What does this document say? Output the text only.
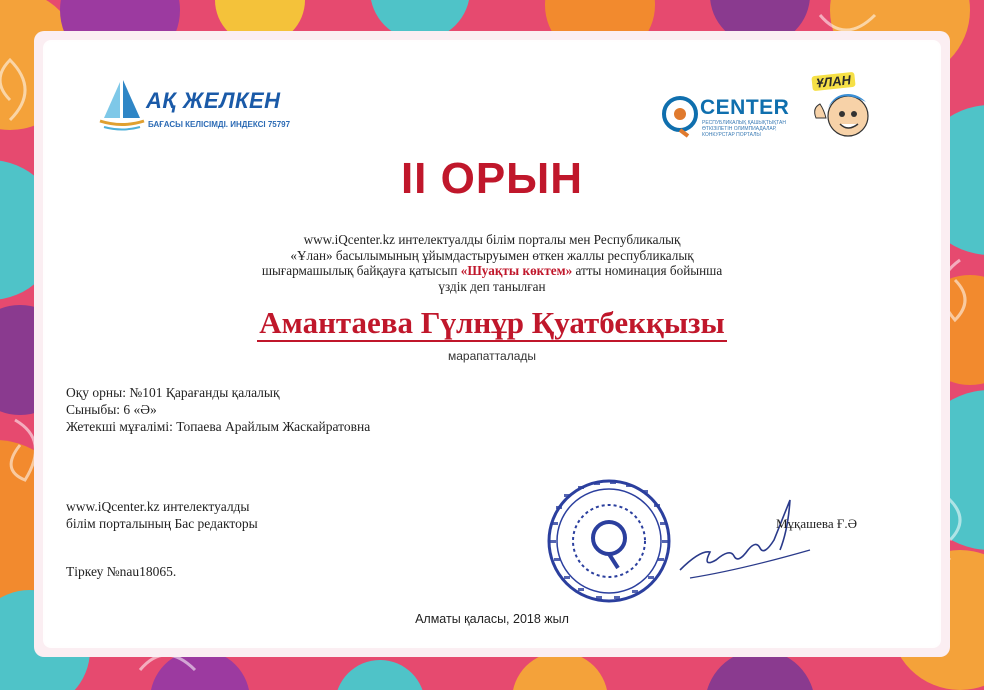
АҚ ЖЕЛКЕН
БАҒАСЫ КЕЛІСІМДІ. ИНДЕКСІ 75797
CENTER
РЕСПУБЛИКАЛЫҚ ҚАШЫҚТЫҚТАН ӨТКІЗІЛЕТІН ОЛИМПИАДАЛАР, КОНКУРСТАР ПОРТАЛЫ
ҰЛАН
II ОРЫН
www.iQcenter.kz интелектуалды білім порталы мен Республикалық
«Ұлан» басылымының ұйымдастыруымен өткен жаллы республикалық
шығармашылық байқауға қатысып «Шуақты көктем» атты номинация бойынша
үздік деп танылған
Амантаева Гүлнұр Қуатбекқызы
марапатталады
Оқу орны: №101 Қарағанды қалалық
Сыныбы: 6 «Ә»
Жетекші мұғалімі: Топаева Арайлым Жаскайратовна
www.iQcenter.kz интелектуалды
білім порталының Бас редакторы
Тіркеу №nau18065.
Мұқашева Ғ.Ә
Алматы қаласы, 2018 жыл
